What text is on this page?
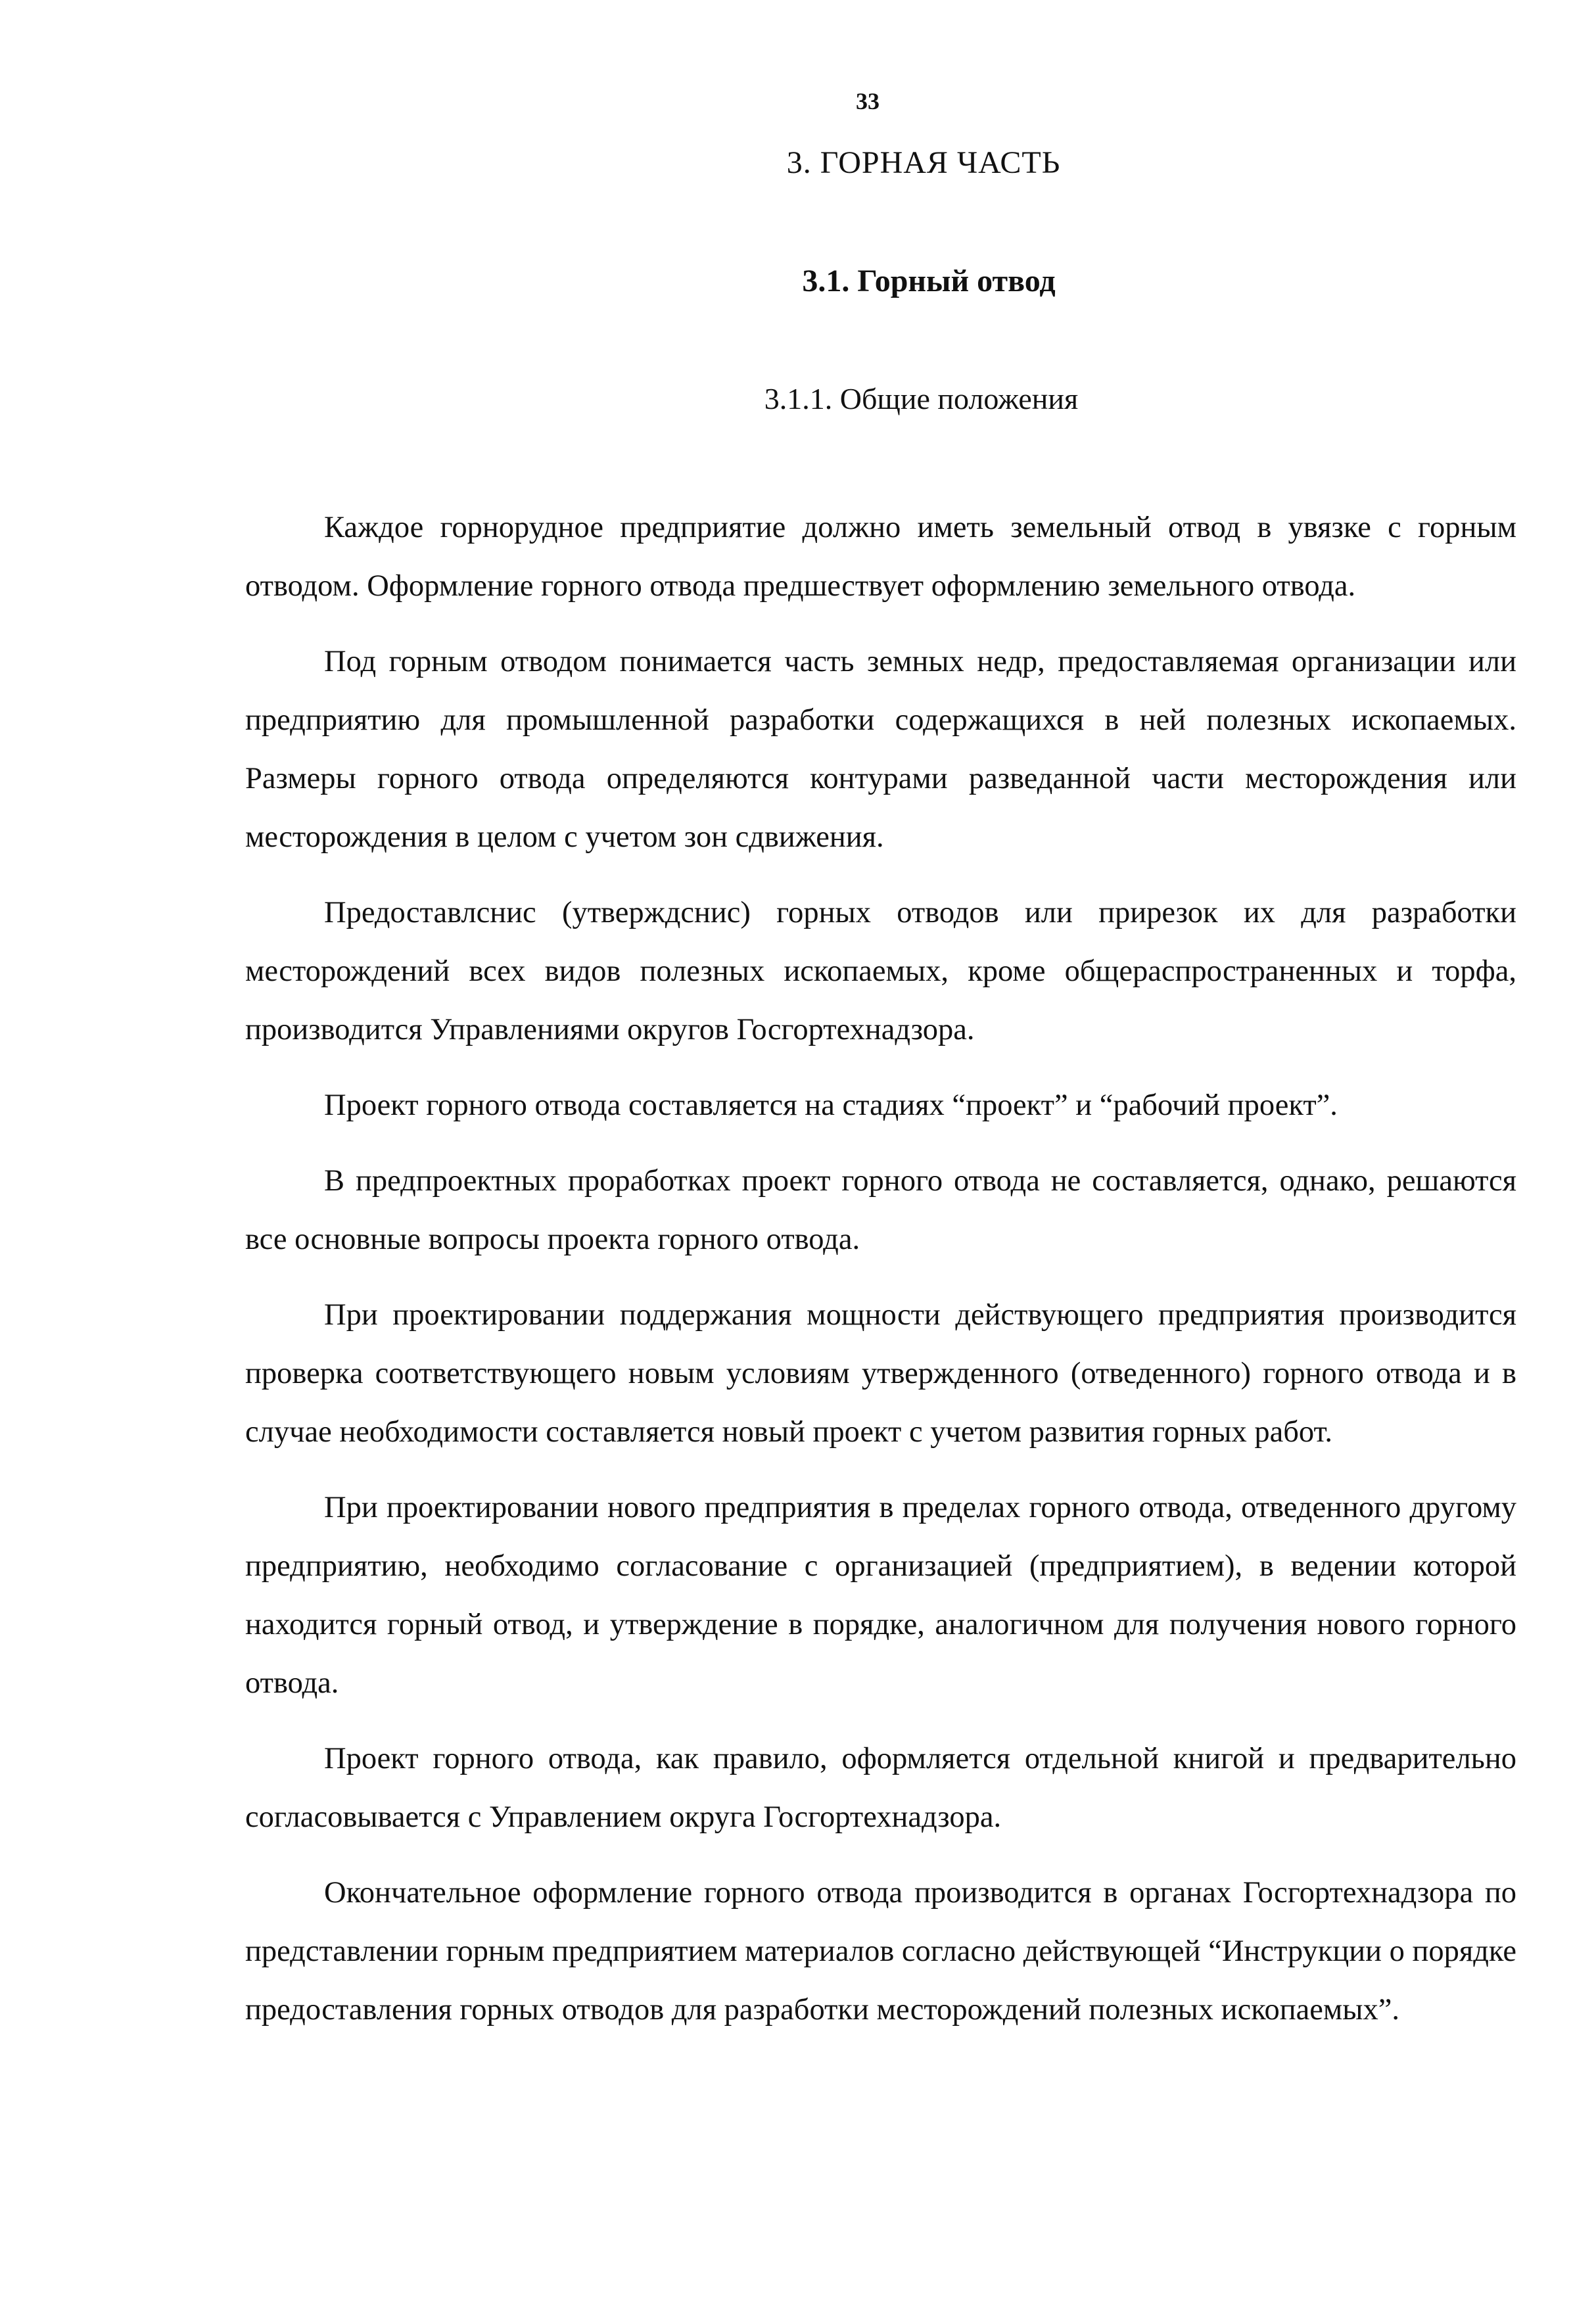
33
3. ГОРНАЯ ЧАСТЬ
3.1. Горный отвод
3.1.1. Общие положения

Каждое горнорудное предприятие должно иметь земельный отвод в увязке с горным отводом. Оформление горного отвода предшествует оформлению земельного отвода.

Под горным отводом понимается часть земных недр, предоставляемая организации или предприятию для промышленной разработки содержащихся в ней полезных ископаемых. Размеры горного отвода определяются контурами разведанной части месторождения или месторождения в целом с учетом зон сдвижения.

Предоставлснис (утверждснис) горных отводов или прирезок их для разработки месторождений всех видов полезных ископаемых, кроме общераспространенных и торфа, производится Управлениями округов Госгортехнадзора.

Проект горного отвода составляется на стадиях “проект” и “рабочий проект”.

В предпроектных проработках проект горного отвода не составляется, однако, решаются все основные вопросы проекта горного отвода.

При проектировании поддержания мощности действующего предприятия производится проверка соответствующего новым условиям утвержденного (отведенного) горного отвода и в случае необходимости составляется новый проект с учетом развития горных работ.

При проектировании нового предприятия в пределах горного отвода, отведенного другому предприятию, необходимо согласование с организацией (предприятием), в ведении которой находится горный отвод, и утверждение в порядке, аналогичном для получения нового горного отвода.

Проект горного отвода, как правило, оформляется отдельной книгой и предварительно согласовывается с Управлением округа Госгортехнадзора.

Окончательное оформление горного отвода производится в органах Госгортехнадзора по представлении горным предприятием материалов согласно действующей “Инструкции о порядке предоставления горных отводов для разработки месторождений полезных ископаемых”.
